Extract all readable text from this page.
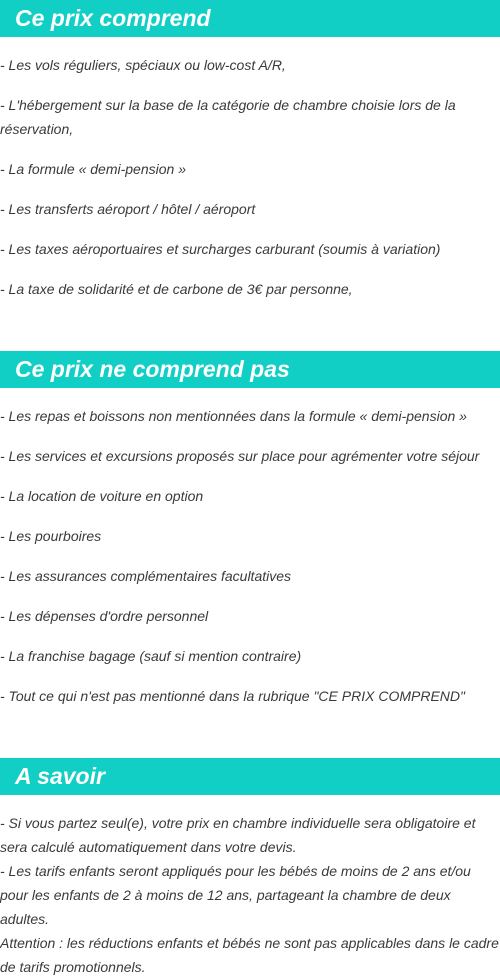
Ce prix comprend

- Les vols réguliers, spéciaux ou low-cost A/R,

- L'hébergement sur la base de la catégorie de chambre choisie lors de la réservation,

- La formule « demi-pension »

- Les transferts aéroport / hôtel / aéroport

- Les taxes aéroportuaires et surcharges carburant (soumis à variation)

- La taxe de solidarité et de carbone de 3€ par personne,

Ce prix ne comprend pas

- Les repas et boissons non mentionnées dans la formule « demi-pension »

- Les services et excursions proposés sur place pour agrémenter votre séjour

- La location de voiture en option

- Les pourboires

- Les assurances complémentaires facultatives

- Les dépenses d'ordre personnel

- La franchise bagage (sauf si mention contraire)

- Tout ce qui n'est pas mentionné dans la rubrique "CE PRIX COMPREND"

A savoir

- Si vous partez seul(e), votre prix en chambre individuelle sera obligatoire et sera calculé automatiquement dans votre devis.

- Les tarifs enfants seront appliqués pour les bébés de moins de 2 ans et/ou pour les enfants de 2 à moins de 12 ans, partageant la chambre de deux adultes.

Attention : les réductions enfants et bébés ne sont pas applicables dans le cadre de tarifs promotionnels.
